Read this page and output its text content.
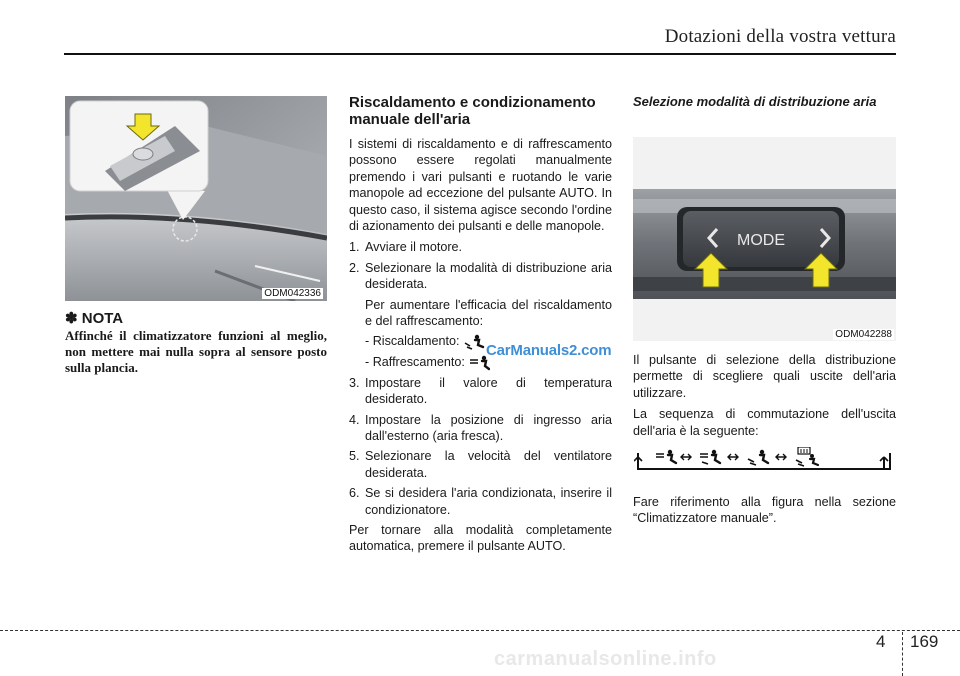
Dotazioni della vostra vettura
ODM042336
✽ NOTA
Affinché il climatizzatore funzioni al meglio, non mettere mai nulla sopra al sensore posto sulla plancia.
Riscaldamento e condizionamento manuale dell'aria
I sistemi di riscaldamento e di raffrescamento possono essere regolati manualmente premendo i vari pulsanti e ruotando le varie manopole ad eccezione del pulsante AUTO. In questo caso, il sistema agisce secondo l'ordine di azionamento dei pulsanti e delle manopole.
1. Avviare il motore.
2. Selezionare la modalità di distribuzione aria desiderata.
Per aumentare l'efficacia del riscaldamento e del raffrescamento:
- Riscaldamento:
- Raffrescamento:
3. Impostare il valore di temperatura desiderato.
4. Impostare la posizione di ingresso aria dall'esterno (aria fresca).
5. Selezionare la velocità del ventilatore desiderata.
6. Se si desidera l'aria condizionata, inserire il condizionatore.
Per tornare alla modalità completamente automatica, premere il pulsante AUTO.
CarManuals2.com
Selezione modalità di distribuzione aria
MODE
ODM042288
Il pulsante di selezione della distribuzione permette di scegliere quali uscite dell'aria utilizzare.
La sequenza di commutazione dell'uscita dell'aria è la seguente:
Fare riferimento alla figura nella sezione “Climatizzatore manuale”.
4 169
carmanualsonline.info
